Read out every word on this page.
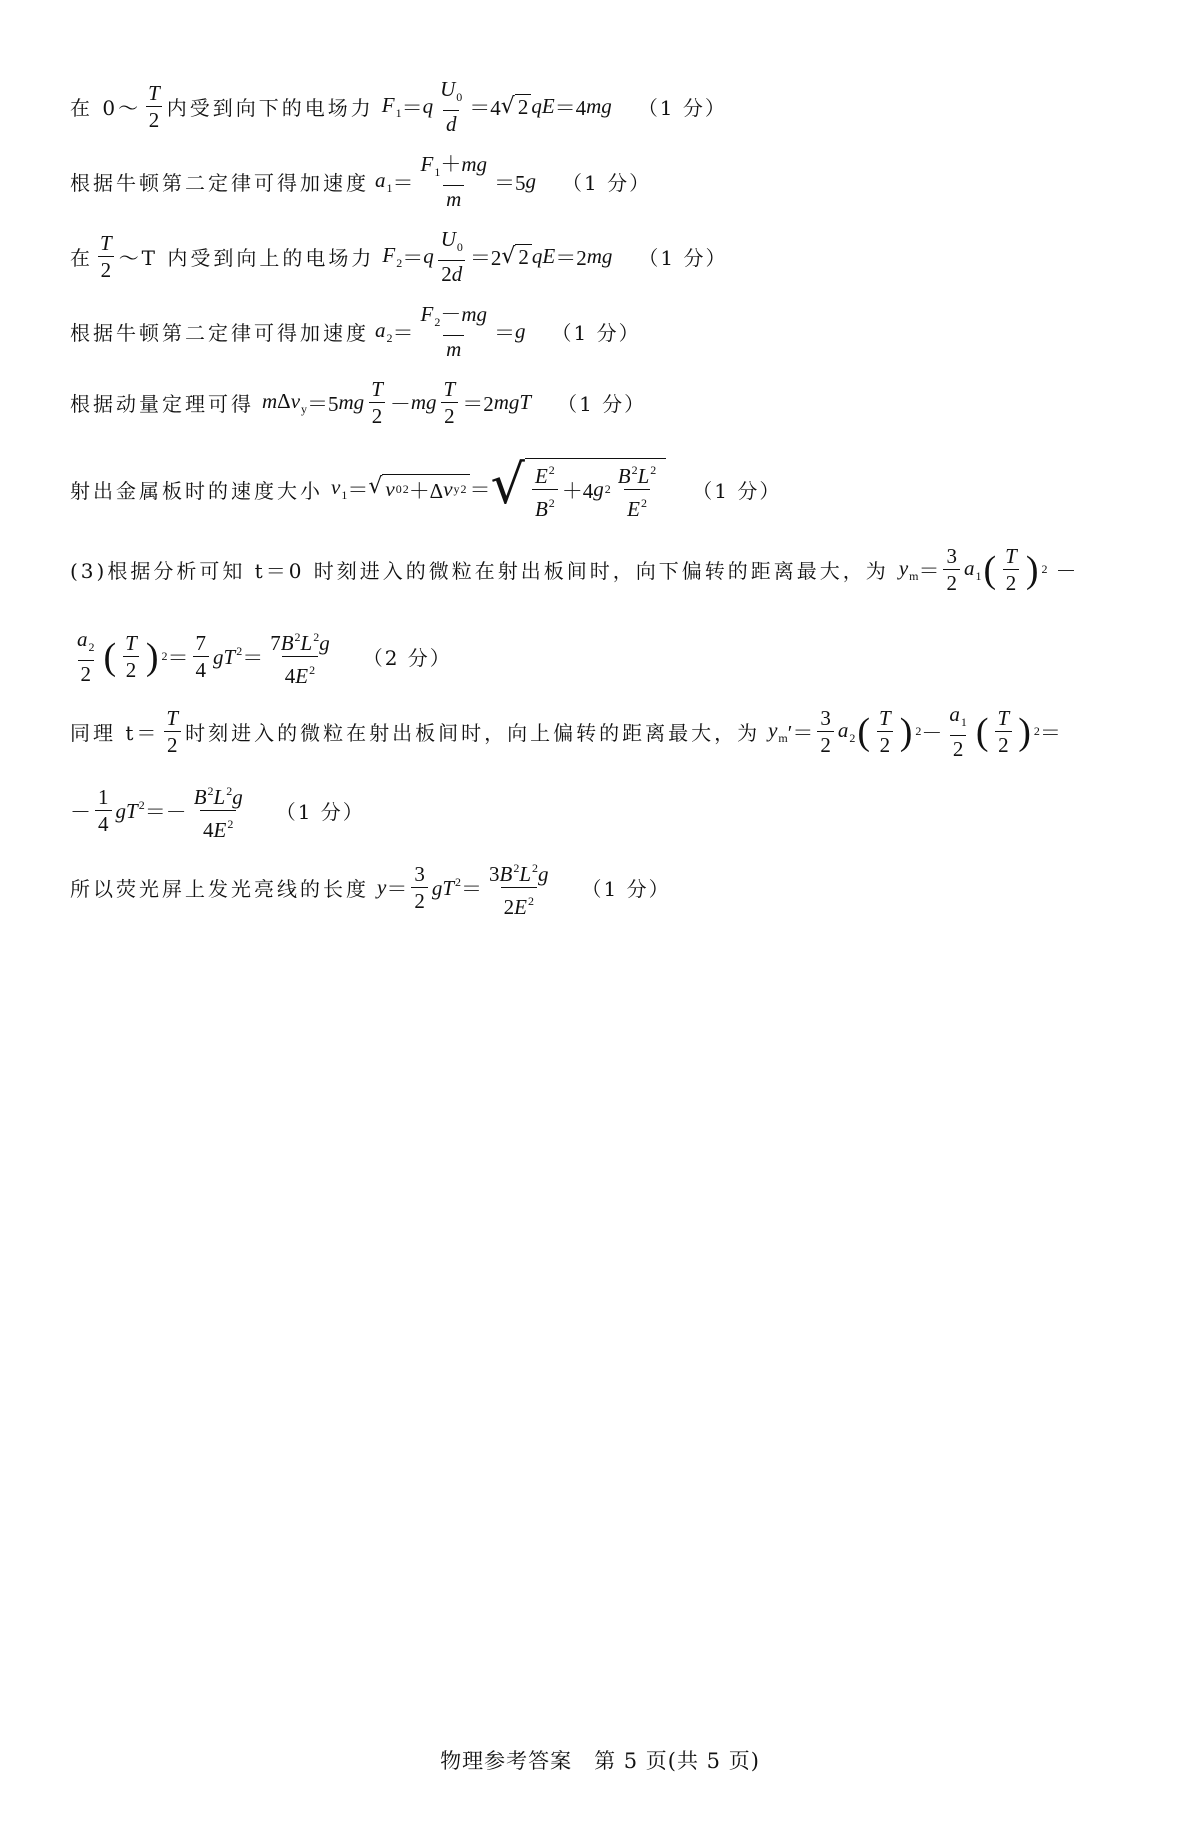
在 0～ $\frac{T}{2}$ 内受到向下的电场力 $F_1 = q \frac{U_0}{d} =4$ √ 2 qE ＝4 mg （1 分）
根据牛顿第二定律可得加速度 $a_1 = \frac{F_1+mg}{m} =5$ g （1 分）
在 $\frac{T}{2}$ ～T 内受到向上的电场力 $F_2 = q \frac{U_0}{2d} =2$ √ 2 qE ＝2 mg （1 分）
根据牛顿第二定律可得加速度 $a_2 = \frac{F_2-mg}{m} = g$ （1 分）
根据动量定理可得 mΔv$_y$ ＝5 mg $\frac{T}{2}$ － mg $\frac{T}{2} =2$ mgT （1 分）
射出金属板时的速度大小 $v_1$ ＝ √ v 0 2 ＋Δ v y 2 ＝ √ $\frac{E^2}{B^2} +4$ g $2 \frac{B^2L^2}{E^2} (1$ 分）
(3)根据分析可知 t＝0 时刻进入的微粒在射出板间时，向下偏转的距离最大，为 $y_m = \frac{3}{2} a_1$ ( $\frac{T}{2}$ ) 2 －
$\frac{a_2}{2}$ ( $\frac{T}{2}$ ) $2 = \frac{7}{4} gT^2 = \frac{7B^2L^2g}{4E^2} (2$ 分）
同理 $t= \frac{T}{2}$ 时刻进入的微粒在射出板间时，向上偏转的距离最大，为 $y_m$ ′＝ $\frac{3}{2} a_2$ ( $\frac{T}{2}$ ) $2 - \frac{a_1}{2}$ ( $\frac{T}{2}$ ) 2 ＝
－ $\frac{1}{4} gT^2 =- \frac{B^2L^2g}{4E^2} (1$ 分）
所以荧光屏上发光亮线的长度 $y = \frac{3}{2} gT^2 = \frac{3B^2L^2g}{2E^2} (1$ 分）
物理参考答案　第 5 页(共 5 页)
